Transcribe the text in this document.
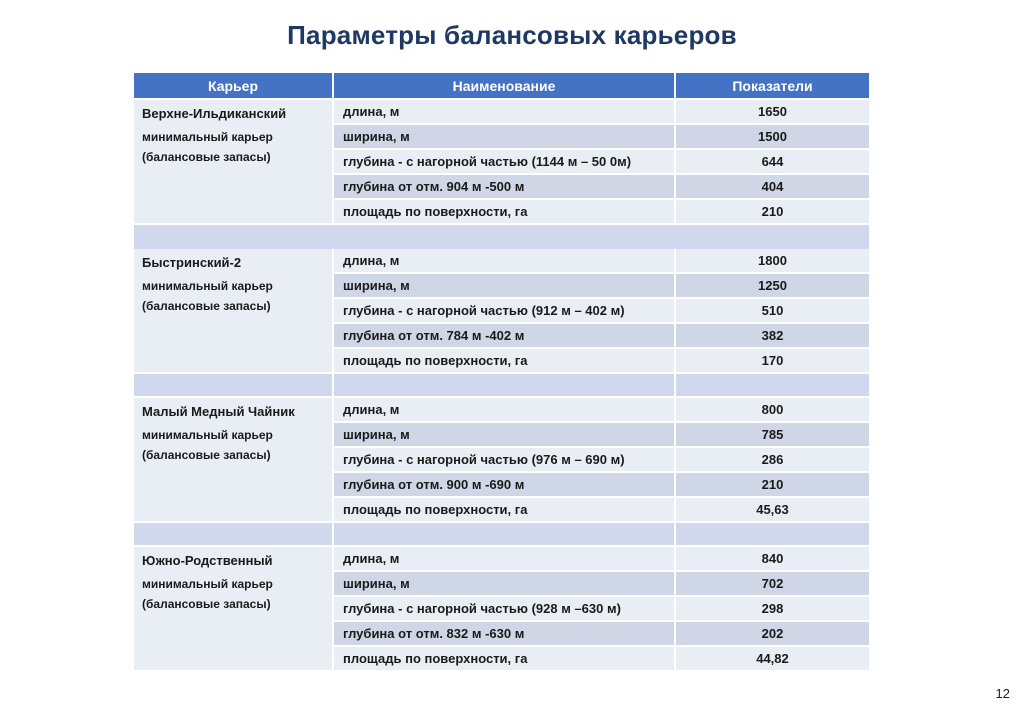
Параметры балансовых карьеров
Карьер	Наименование	Показатели
Верхне-Ильдиканский
минимальный карьер
(балансовые запасы)
длина, м	1650
ширина, м	1500
глубина - с нагорной частью (1144 м – 50 0м)	644
глубина от отм. 904 м -500 м	404
площадь по поверхности, га	210
Быстринский-2
минимальный карьер
(балансовые запасы)
длина, м	1800
ширина, м	1250
глубина - с нагорной частью (912 м – 402 м)	510
глубина от отм. 784 м -402 м	382
площадь по поверхности, га	170
Малый Медный Чайник
минимальный карьер
(балансовые запасы)
длина, м	800
ширина, м	785
глубина - с нагорной частью (976 м – 690 м)	286
глубина от отм. 900 м -690 м	210
площадь по поверхности, га	45,63
Южно-Родственный
минимальный карьер
(балансовые запасы)
длина, м	840
ширина, м	702
глубина - с нагорной частью (928 м –630 м)	298
глубина от отм. 832 м -630 м	202
площадь по поверхности, га	44,82
12
